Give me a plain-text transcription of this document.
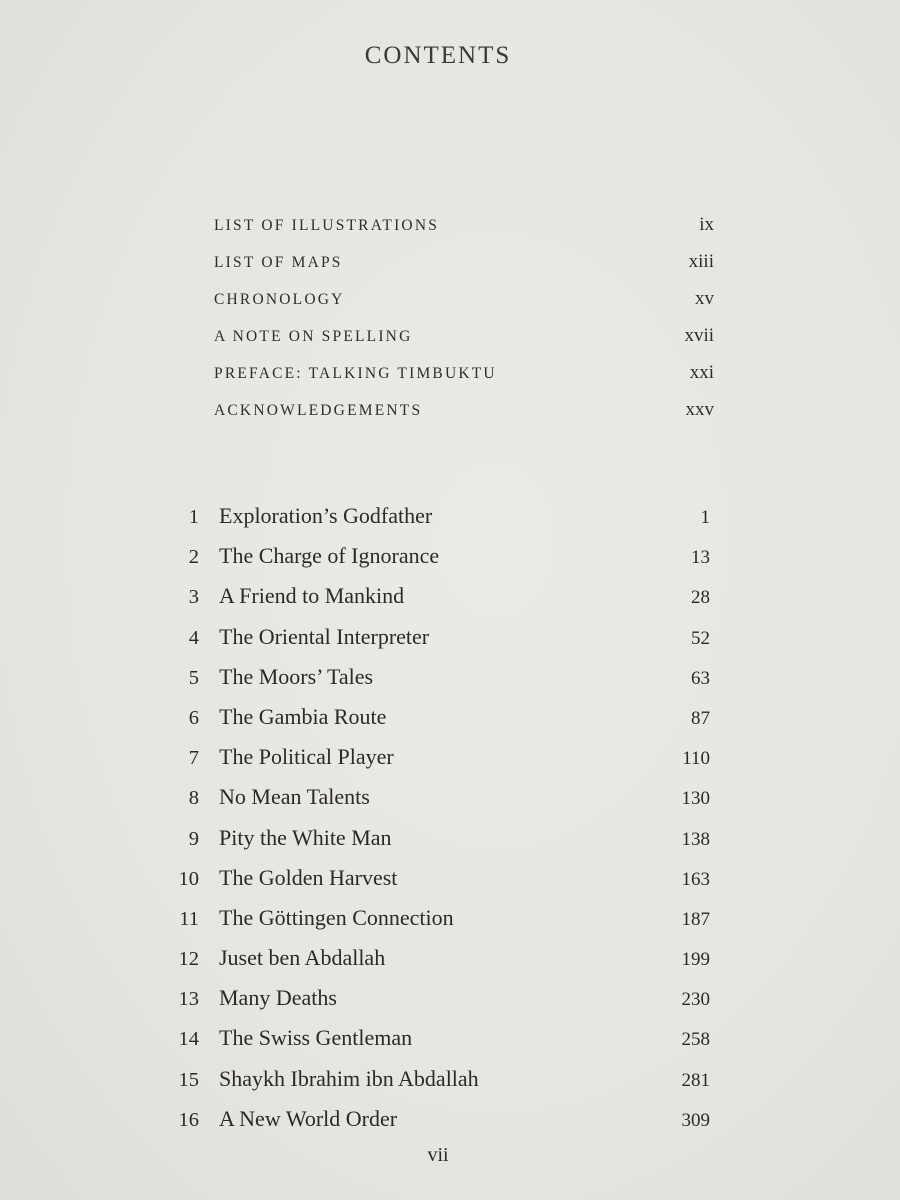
CONTENTS
LIST OF ILLUSTRATIONS	ix
LIST OF MAPS	xiii
CHRONOLOGY	xv
A NOTE ON SPELLING	xvii
PREFACE: TALKING TIMBUKTU	xxi
ACKNOWLEDGEMENTS	xxv
1 Exploration’s Godfather	1
2 The Charge of Ignorance	13
3 A Friend to Mankind	28
4 The Oriental Interpreter	52
5 The Moors’ Tales	63
6 The Gambia Route	87
7 The Political Player	110
8 No Mean Talents	130
9 Pity the White Man	138
10 The Golden Harvest	163
11 The Göttingen Connection	187
12 Juset ben Abdallah	199
13 Many Deaths	230
14 The Swiss Gentleman	258
15 Shaykh Ibrahim ibn Abdallah	281
16 A New World Order	309
vii
